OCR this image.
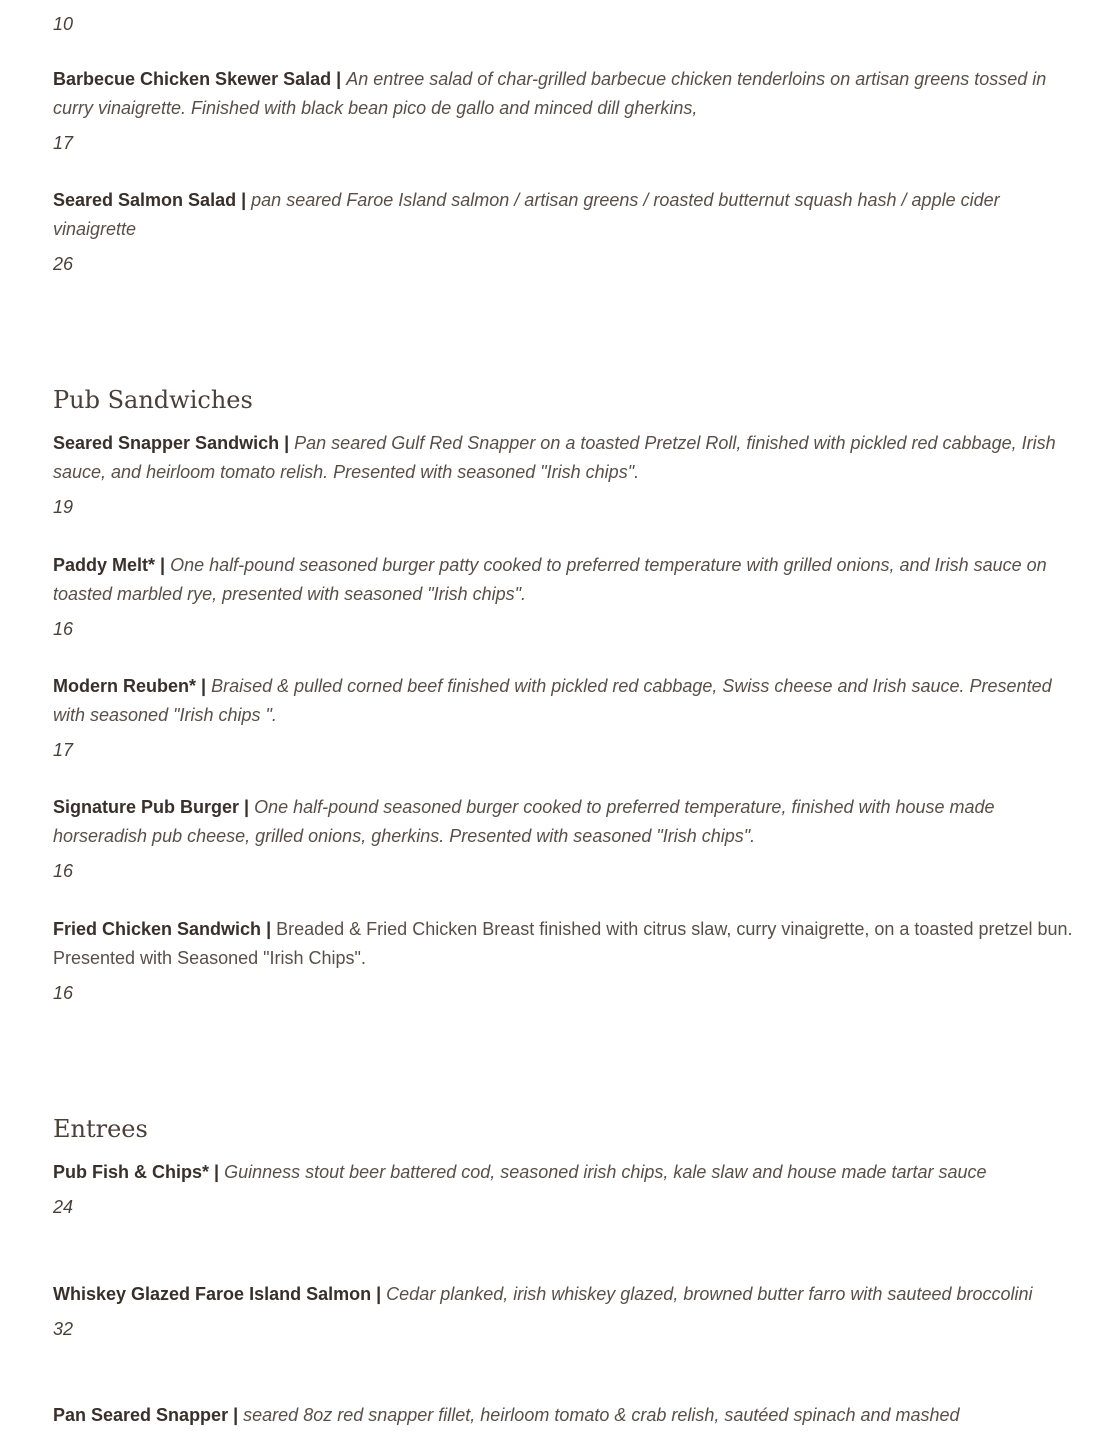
10

Barbecue Chicken Skewer Salad | An entree salad of char-grilled barbecue chicken tenderloins on artisan greens tossed in curry vinaigrette. Finished with black bean pico de gallo and minced dill gherkins,

17

Seared Salmon Salad | pan seared Faroe Island salmon / artisan greens / roasted butternut squash hash / apple cider vinaigrette

26
Pub Sandwiches

Seared Snapper Sandwich | Pan seared Gulf Red Snapper on a toasted Pretzel Roll, finished with pickled red cabbage, Irish sauce, and heirloom tomato relish. Presented with seasoned "Irish chips".

19

Paddy Melt* | One half-pound seasoned burger patty cooked to preferred temperature with grilled onions, and Irish sauce on toasted marbled rye, presented with seasoned "Irish chips".

16

Modern Reuben* | Braised & pulled corned beef finished with pickled red cabbage, Swiss cheese and Irish sauce. Presented with seasoned "Irish chips ".

17

Signature Pub Burger | One half-pound seasoned burger cooked to preferred temperature, finished with house made horseradish pub cheese, grilled onions, gherkins. Presented with seasoned "Irish chips".

16

Fried Chicken Sandwich | Breaded & Fried Chicken Breast finished with citrus slaw, curry vinaigrette, on a toasted pretzel bun. Presented with Seasoned "Irish Chips".

16
Entrees

Pub Fish & Chips* | Guinness stout beer battered cod, seasoned irish chips, kale slaw and house made tartar sauce

24

Whiskey Glazed Faroe Island Salmon | Cedar planked, irish whiskey glazed, browned butter farro with sauteed broccolini

32

Pan Seared Snapper | seared 8oz red snapper fillet, heirloom tomato & crab relish, sautéed spinach and mashed
